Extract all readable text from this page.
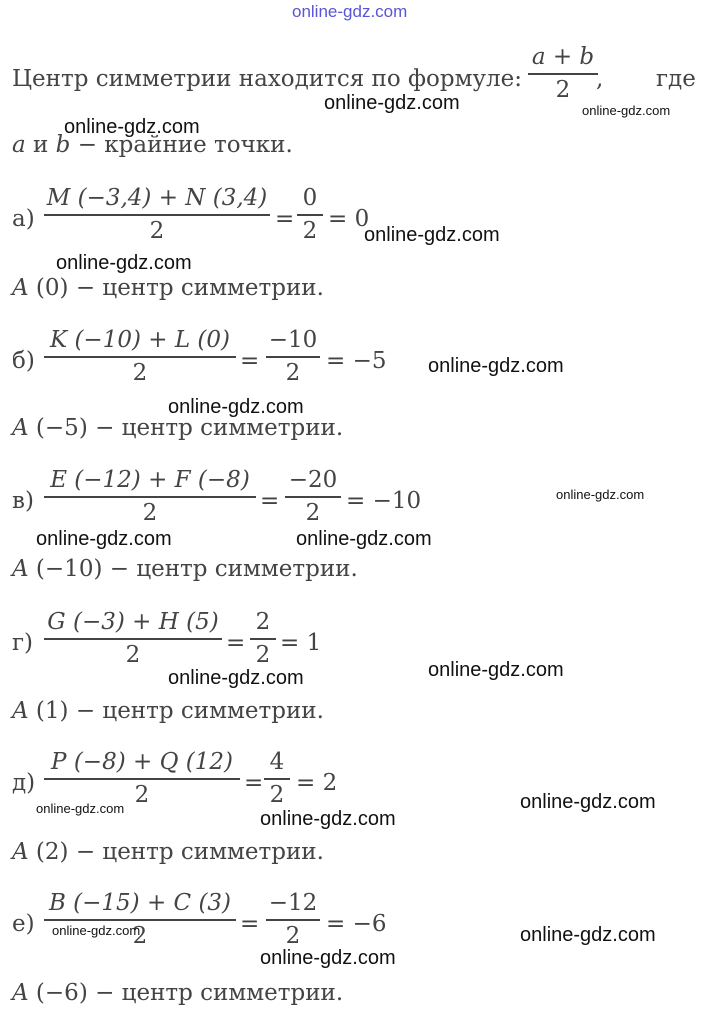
online-gdz.com
Центр симметрии находится по формуле:
a + b
2 , где
a и b − крайние точки.
а)
M (−3,4) + N (3,4)
2	=
0
2 = 0
A (0) − центр симметрии.
б)
K (−10) + L (0)
2	=
−10
2 = −5
A (−5) − центр симметрии.
в)
E (−12) + F (−8)
2	=
−20
2 = −10
A (−10) − центр симметрии.
г)
G (−3) + H (5)
2	=
2
2 = 1
A (1) − центр симметрии.
д)
P (−8) + Q (12)
2	=
4
2 = 2
A (2) − центр симметрии.
е)
B (−15) + C (3)
2	=
−12
2 = −6
A (−6) − центр симметрии.
online-gdz.com	online-gdz.com
online-gdz.com
online-gdz.com
online-gdz.com
online-gdz.com
online-gdz.com
online-gdz.com
online-gdz.com	online-gdz.com
online-gdz.com
online-gdz.com
online-gdz.com
online-gdz.com	online-gdz.com
online-gdz.com	online-gdz.com
online-gdz.com
